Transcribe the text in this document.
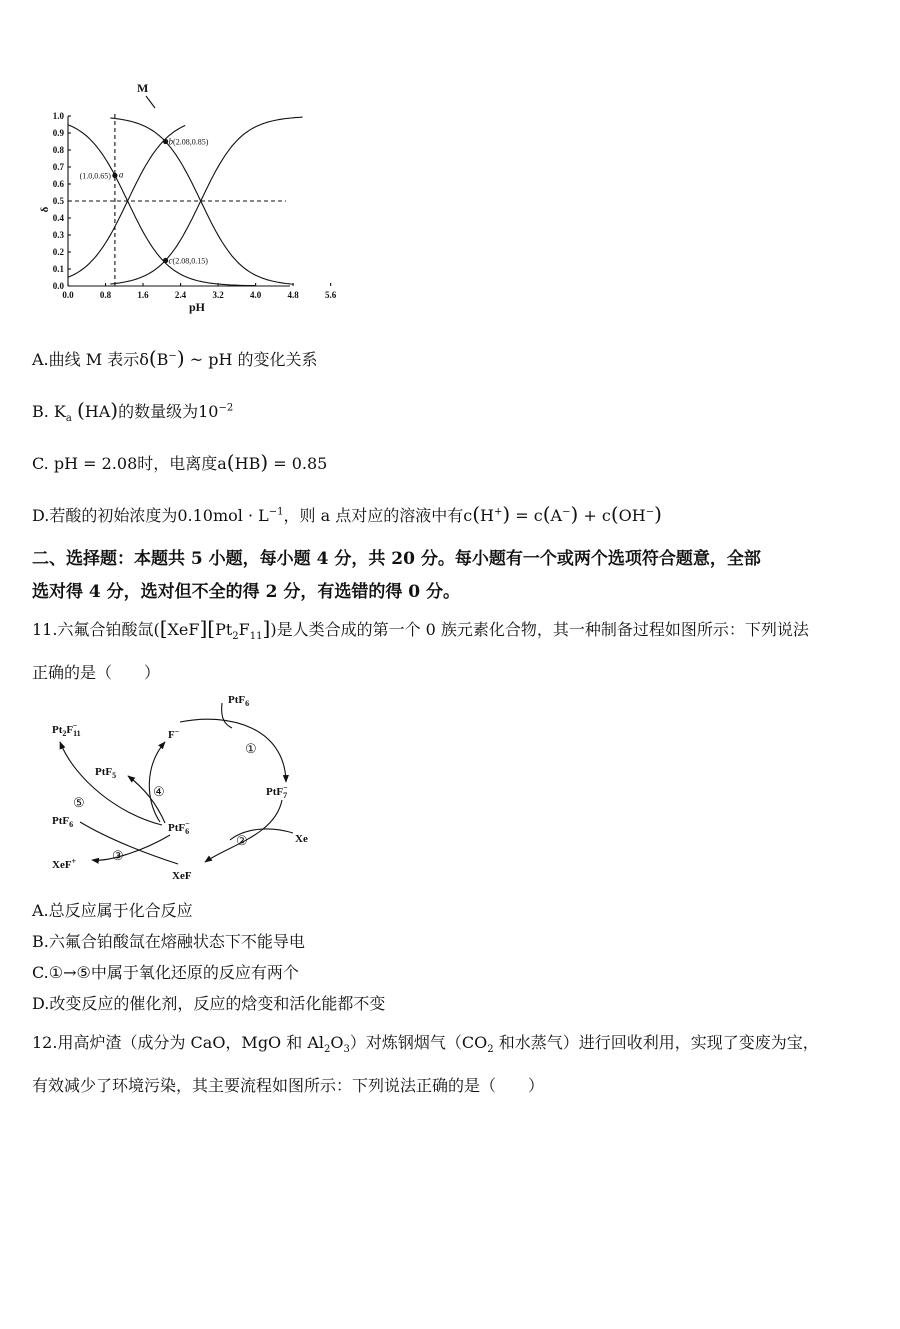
0.0
0.1
0.2
0.3
0.4
0.5
0.6
0.7
0.8
0.9
1.0
0.0	0.8	1.6	2.4	3.2	4.0	4.8	5.6
pH
δ
M
(1.0,0.65) a
b(2.08,0.85)
c(2.08,0.15)
A.曲线 M 表示δ(B−) ~ pH 的变化关系
B. $K_a$ (HA)的数量级为$10^{-2}$
C. pH = 2.08时，电离度a(HB) = 0.85
D.若酸的初始浓度为$0.10mol \cdot L^{-1}$，则 a 点对应的溶液中有c(H+) = c(A−) + c(OH−)
二、选择题：本题共 5 小题，每小题 4 分，共 20 分。每小题有一个或两个选项符合题意，全部
选对得 4 分，选对但不全的得 2 分，有选错的得 0 分。
11.六氟合铂酸氙$([XeF][Pt_2F_{11}])$是人类合成的第一个 0 族元素化合物，其一种制备过程如图所示：下列说法
正确的是（　　）
PtF$_6$
F−
PtF$_7$−
Xe
XeF
PtF$_6$−
PtF$_5$
$Pt_2F_{11}-$
PtF$_6$
XeF+
①
②
③
④
⑤
A.总反应属于化合反应
B.六氟合铂酸氙在熔融状态下不能导电
C.①→⑤中属于氧化还原的反应有两个
D.改变反应的催化剂，反应的焓变和活化能都不变
12.用高炉渣（成分为 CaO，MgO 和 $Al_2O_3$）对炼钢烟气（$CO_2$ 和水蒸气）进行回收利用，实现了变废为宝，
有效减少了环境污染，其主要流程如图所示：下列说法正确的是（　　）
